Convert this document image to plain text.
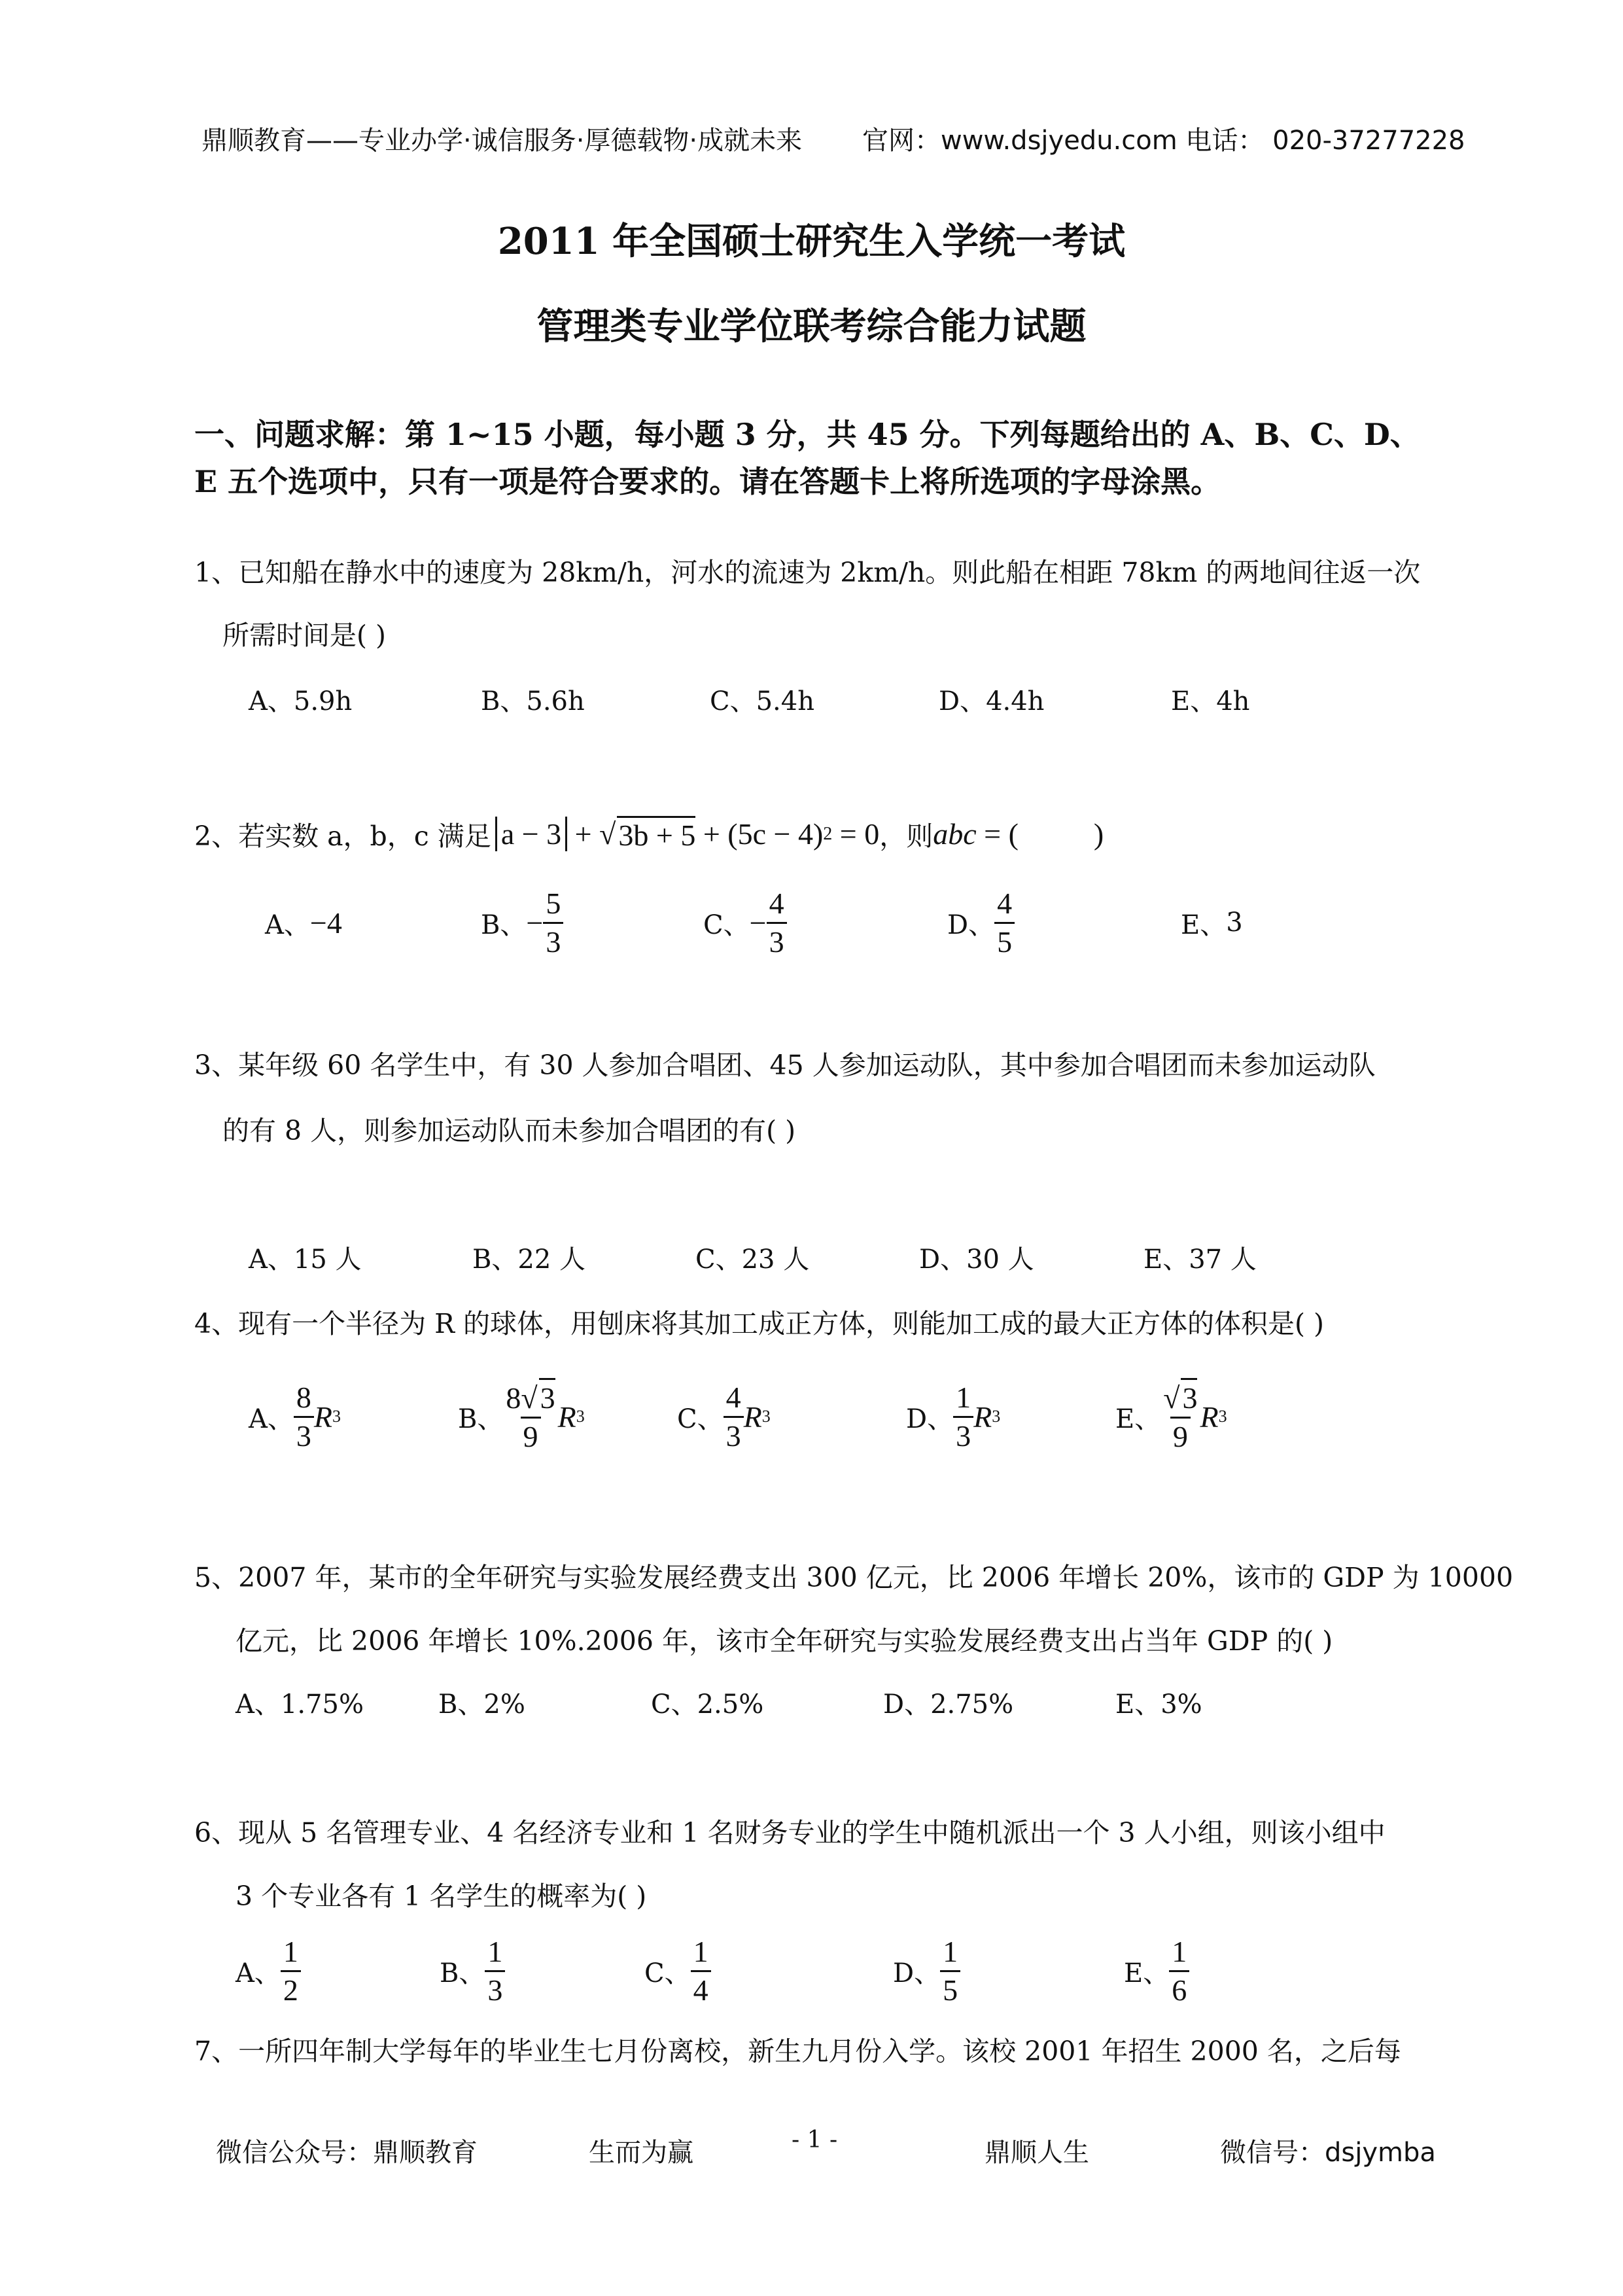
鼎顺教育——专业办学·诚信服务·厚德载物·成就未来 官网：www.dsjyedu.com 电话： 020-37277228
2011 年全国硕士研究生入学统一考试
管理类专业学位联考综合能力试题
一、问题求解：第 1~15 小题，每小题 3 分，共 45 分。下列每题给出的 A、B、C、D、
E 五个选项中，只有一项是符合要求的。请在答题卡上将所选项的字母涂黑。
1、已知船在静水中的速度为 28km/h，河水的流速为 2km/h。则此船在相距 78km 的两地间往返一次
所需时间是( )
A、5.9h	B、5.6h	C、5.4h	D、4.4h	E、4h
2、若实数 a，b，c 满足 a − 3 + √ 3b + 5 + (5c − 4) 2 = 0 ，则 abc = (          )
A、 −4	B、 − $\frac{5}{3}$	C、 − $\frac{4}{3}$	D、 $\frac{4}{5}$	E、 3
3、某年级 60 名学生中，有 30 人参加合唱团、45 人参加运动队，其中参加合唱团而未参加运动队
的有 8 人，则参加运动队而未参加合唱团的有( )
A、15 人	B、22 人	C、23 人	D、30 人	E、37 人
4、现有一个半径为 R 的球体，用刨床将其加工成正方体，则能加工成的最大正方体的体积是( )
A、 $\frac{8}{3}$ R 3	B、 $\frac{8√3}{9}$ R 3	C、 $\frac{4}{3}$ R 3	D、 $\frac{1}{3}$ R 3	E、 $\frac{√3}{9}$ R 3
5、2007 年，某市的全年研究与实验发展经费支出 300 亿元，比 2006 年增长 20%，该市的 GDP 为 10000
亿元，比 2006 年增长 10%.2006 年，该市全年研究与实验发展经费支出占当年 GDP 的( )
A、1.75%	B、2%	C、2.5%	D、2.75%	E、3%
6、现从 5 名管理专业、4 名经济专业和 1 名财务专业的学生中随机派出一个 3 人小组，则该小组中
3 个专业各有 1 名学生的概率为( )
A、 $\frac{1}{2}$	B、 $\frac{1}{3}$	C、 $\frac{1}{4}$	D、 $\frac{1}{5}$	E、 $\frac{1}{6}$
7、一所四年制大学每年的毕业生七月份离校，新生九月份入学。该校 2001 年招生 2000 名，之后每
微信公众号：鼎顺教育	生而为赢	- 1 -	鼎顺人生	微信号：dsjymba
